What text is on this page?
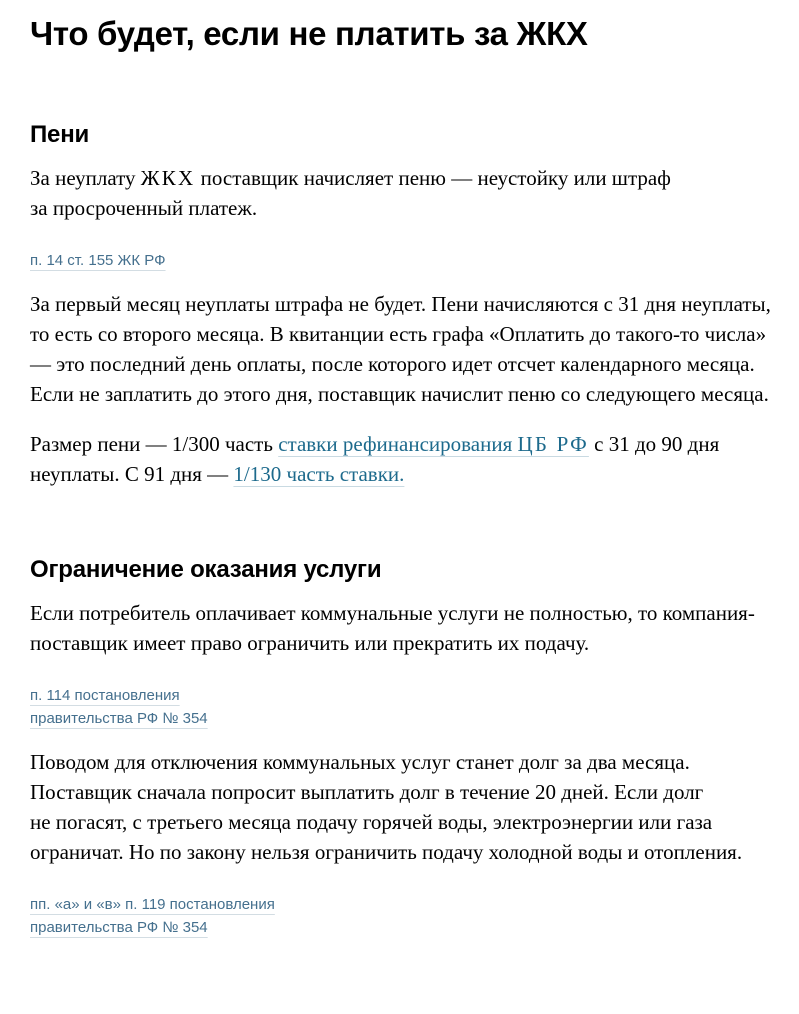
Что будет, если не платить за ЖКХ
Пени

За неуплату ЖКХ поставщик начисляет пеню — неустойку или штраф за просроченный платеж.

п. 14 ст. 155 ЖК РФ

За первый месяц неуплаты штрафа не будет. Пени начисляются с 31 дня неуплаты, то есть со второго месяца. В квитанции есть графа «Оплатить до такого-то числа» — это последний день оплаты, после которого идет отсчет календарного месяца. Если не заплатить до этого дня, поставщик начислит пеню со следующего месяца.

Размер пени — 1/300 часть ставки рефинансирования ЦБ РФ с 31 до 90 дня неуплаты. С 91 дня — 1/130 часть ставки.

Ограничение оказания услуги

Если потребитель оплачивает коммунальные услуги не полностью, то компания-поставщик имеет право ограничить или прекратить их подачу.

п. 114 постановления правительства РФ № 354

Поводом для отключения коммунальных услуг станет долг за два месяца. Поставщик сначала попросит выплатить долг в течение 20 дней. Если долг не погасят, с третьего месяца подачу горячей воды, электроэнергии или газа ограничат. Но по закону нельзя ограничить подачу холодной воды и отопления.

пп. «а» и «в» п. 119 постановления правительства РФ № 354
